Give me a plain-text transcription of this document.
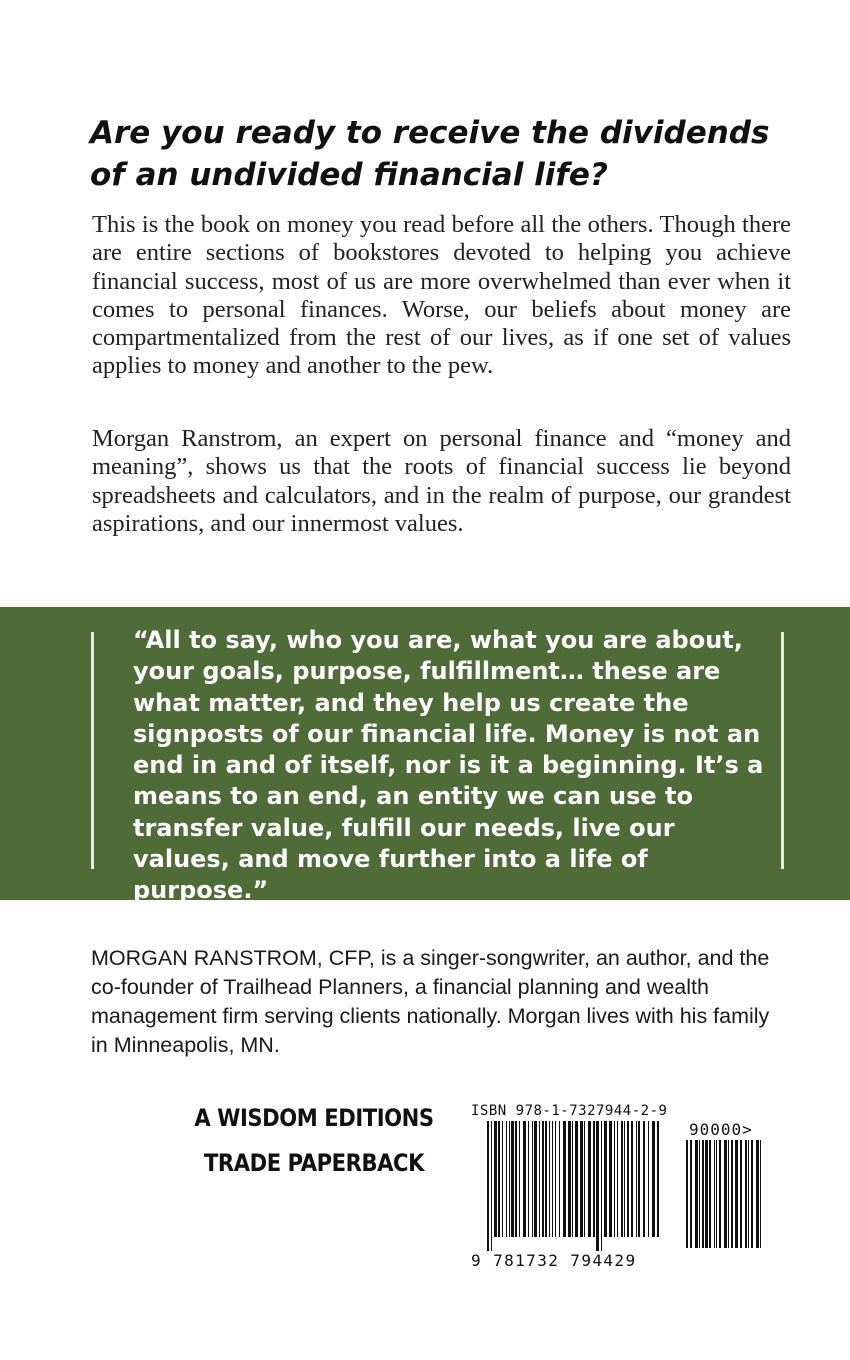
Are you ready to receive the dividends of an undivided financial life?

This is the book on money you read before all the others. Though there are entire sections of bookstores devoted to helping you achieve financial success, most of us are more overwhelmed than ever when it comes to personal finances. Worse, our beliefs about money are compartmentalized from the rest of our lives, as if one set of values applies to money and another to the pew.

Morgan Ranstrom, an expert on personal finance and “money and meaning”, shows us that the roots of financial success lie beyond spreadsheets and calculators, and in the realm of purpose, our grandest aspirations, and our innermost values.

“All to say, who you are, what you are about, your goals, purpose, fulfillment… these are what matter, and they help us create the signposts of our financial life. Money is not an end in and of itself, nor is it a beginning. It’s a means to an end, an entity we can use to transfer value, fulfill our needs, live our values, and move further into a life of purpose.”

MORGAN RANSTROM, CFP, is a singer-songwriter, an author, and the co-founder of Trailhead Planners, a financial planning and wealth management firm serving clients nationally. Morgan lives with his family in Minneapolis, MN.

A WISDOM EDITIONS
TRADE PAPERBACK
ISBN 978-1-7327944-2-9
9 781732 794429
90000>
